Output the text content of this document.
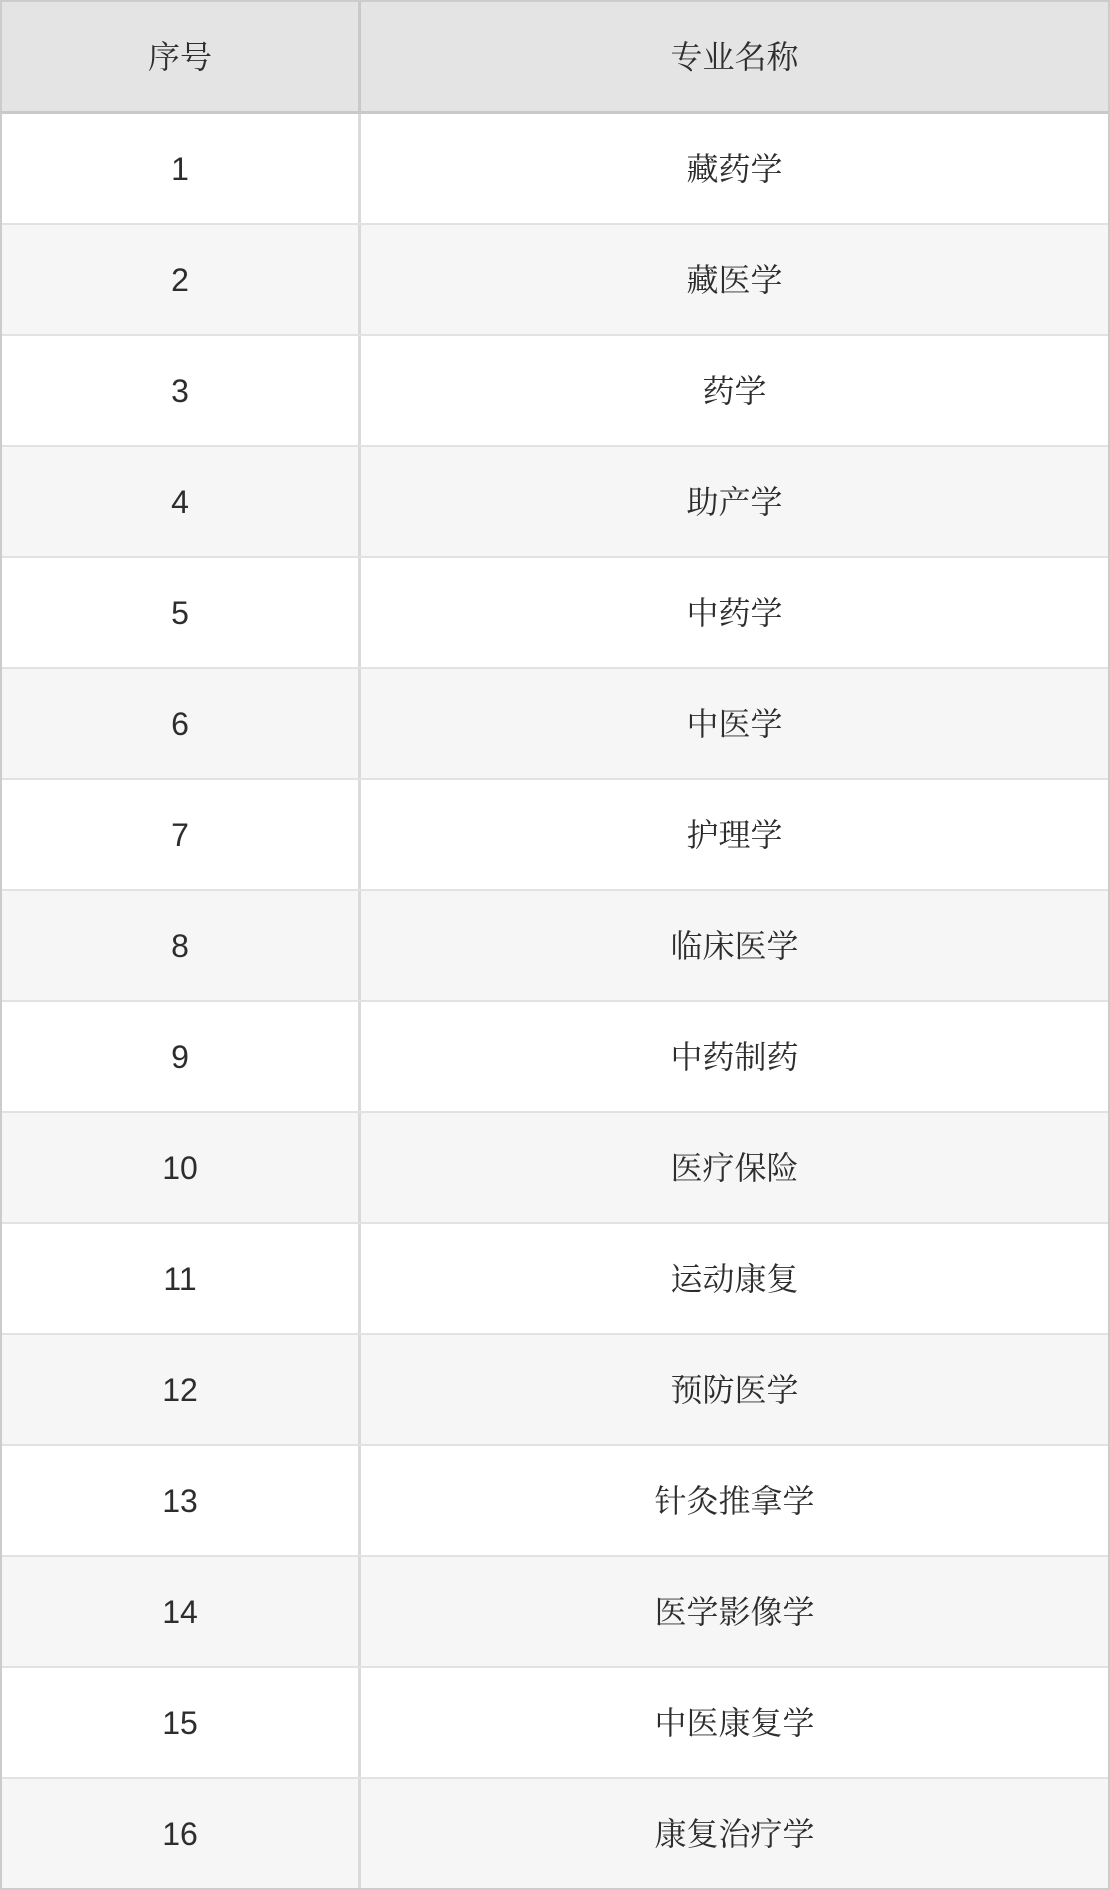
序号	专业名称
1	藏药学
2	藏医学
3	药学
4	助产学
5	中药学
6	中医学
7	护理学
8	临床医学
9	中药制药
10	医疗保险
11	运动康复
12	预防医学
13	针灸推拿学
14	医学影像学
15	中医康复学
16	康复治疗学
